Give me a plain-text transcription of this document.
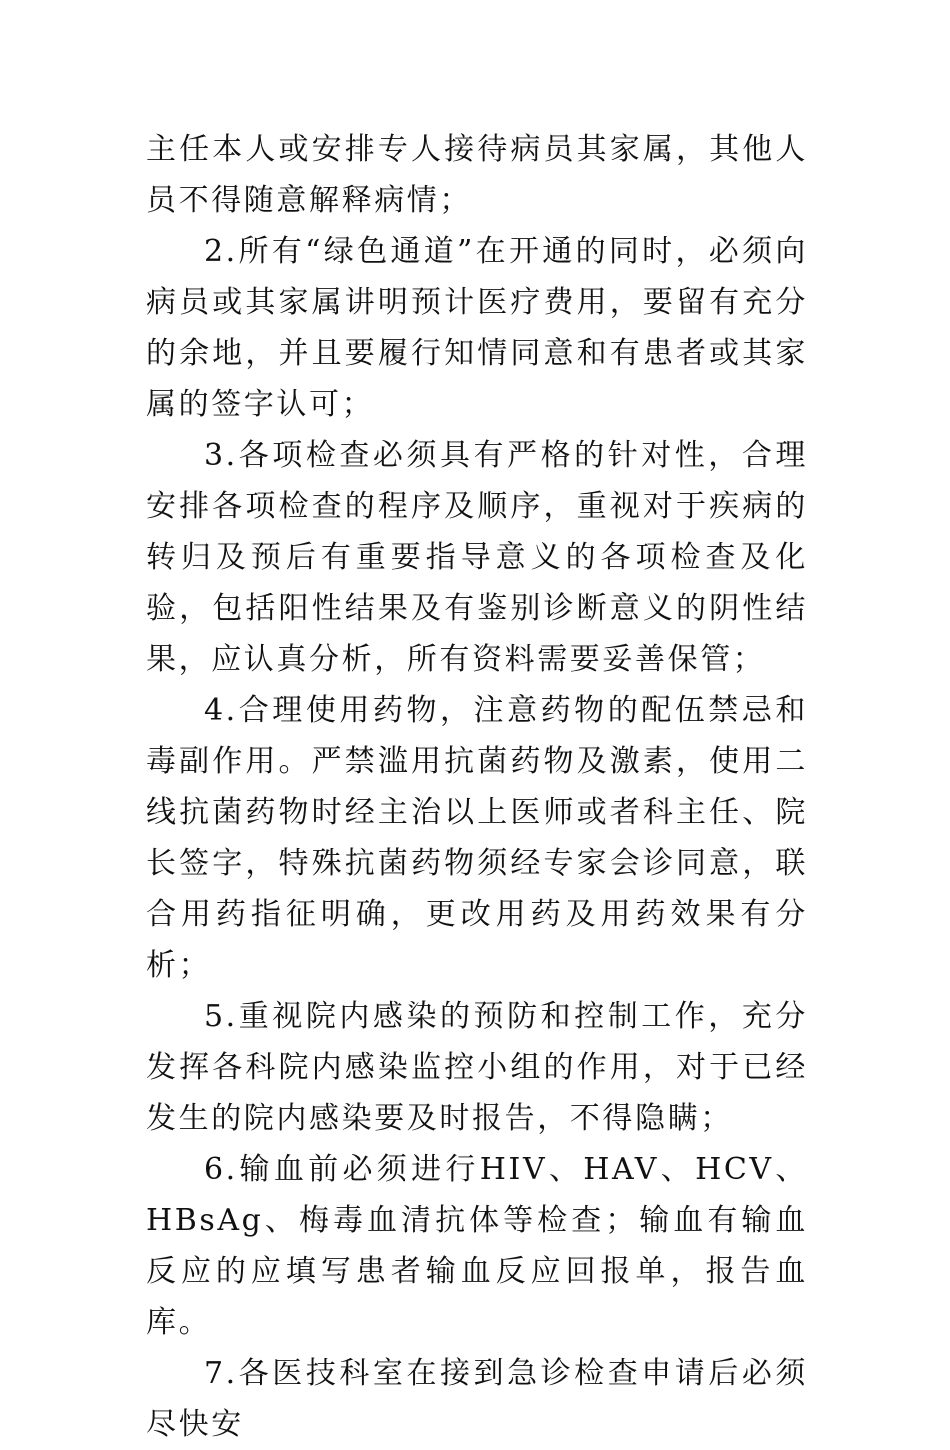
主任本人或安排专人接待病员其家属，其他人员不得随意解释病情；

2.所有“绿色通道”在开通的同时，必须向病员或其家属讲明预计医疗费用，要留有充分的余地，并且要履行知情同意和有患者或其家属的签字认可；

3.各项检查必须具有严格的针对性，合理安排各项检查的程序及顺序，重视对于疾病的转归及预后有重要指导意义的各项检查及化验，包括阳性结果及有鉴别诊断意义的阴性结果，应认真分析，所有资料需要妥善保管；

4.合理使用药物，注意药物的配伍禁忌和毒副作用。严禁滥用抗菌药物及激素，使用二线抗菌药物时经主治以上医师或者科主任、院长签字，特殊抗菌药物须经专家会诊同意，联合用药指征明确，更改用药及用药效果有分析；

5.重视院内感染的预防和控制工作，充分发挥各科院内感染监控小组的作用，对于已经发生的院内感染要及时报告，不得隐瞒；

6.输血前必须进行HIV、HAV、HCV、HBsAg、梅毒血清抗体等检查；输血有输血反应的应填写患者输血反应回报单，报告血库。

7.各医技科室在接到急诊检查申请后必须尽快安
